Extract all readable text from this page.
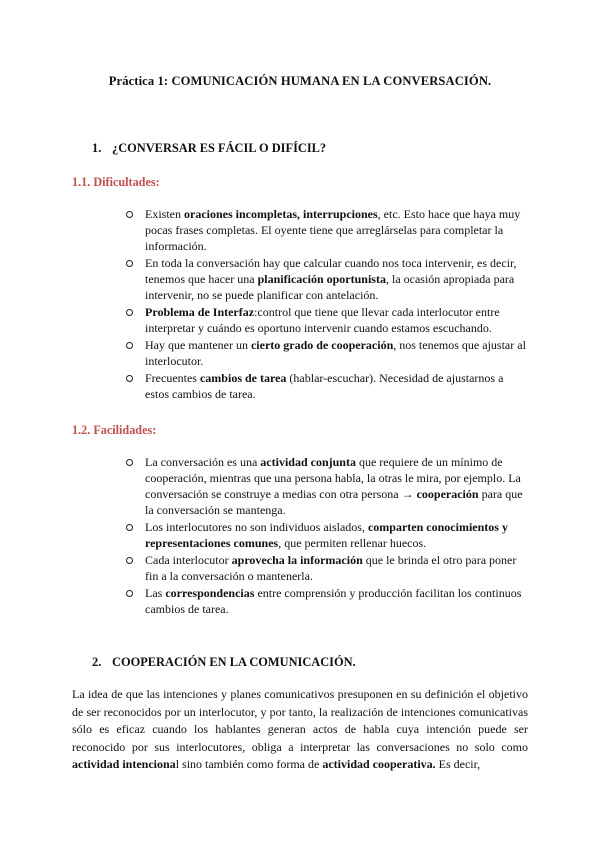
Práctica 1: COMUNICACIÓN HUMANA EN LA CONVERSACIÓN.
1. ¿CONVERSAR ES FÁCIL O DIFÍCIL?
1.1. Dificultades:
Existen oraciones incompletas, interrupciones, etc. Esto hace que haya muy pocas frases completas. El oyente tiene que arreglárselas para completar la información.
En toda la conversación hay que calcular cuando nos toca intervenir, es decir, tenemos que hacer una planificación oportunista, la ocasión apropiada para intervenir, no se puede planificar con antelación.
Problema de Interfaz:control que tiene que llevar cada interlocutor entre interpretar y cuándo es oportuno intervenir cuando estamos escuchando.
Hay que mantener un cierto grado de cooperación, nos tenemos que ajustar al interlocutor.
Frecuentes cambios de tarea (hablar-escuchar). Necesidad de ajustarnos a estos cambios de tarea.
1.2. Facilidades:
La conversación es una actividad conjunta que requiere de un mínimo de cooperación, mientras que una persona habla, la otras le mira, por ejemplo. La conversación se construye a medias con otra persona → cooperación para que la conversación se mantenga.
Los interlocutores no son individuos aislados, comparten conocimientos y representaciones comunes, que permiten rellenar huecos.
Cada interlocutor aprovecha la información que le brinda el otro para poner fin a la conversación o mantenerla.
Las correspondencias entre comprensión y producción facilitan los continuos cambios de tarea.
2. COOPERACIÓN EN LA COMUNICACIÓN.
La idea de que las intenciones y planes comunicativos presuponen en su definición el objetivo de ser reconocidos por un interlocutor, y por tanto, la realización de intenciones comunicativas sólo es eficaz cuando los hablantes generan actos de habla cuya intención puede ser reconocido por sus interlocutores, obliga a interpretar las conversaciones no solo como actividad intencional sino también como forma de actividad cooperativa. Es decir,
